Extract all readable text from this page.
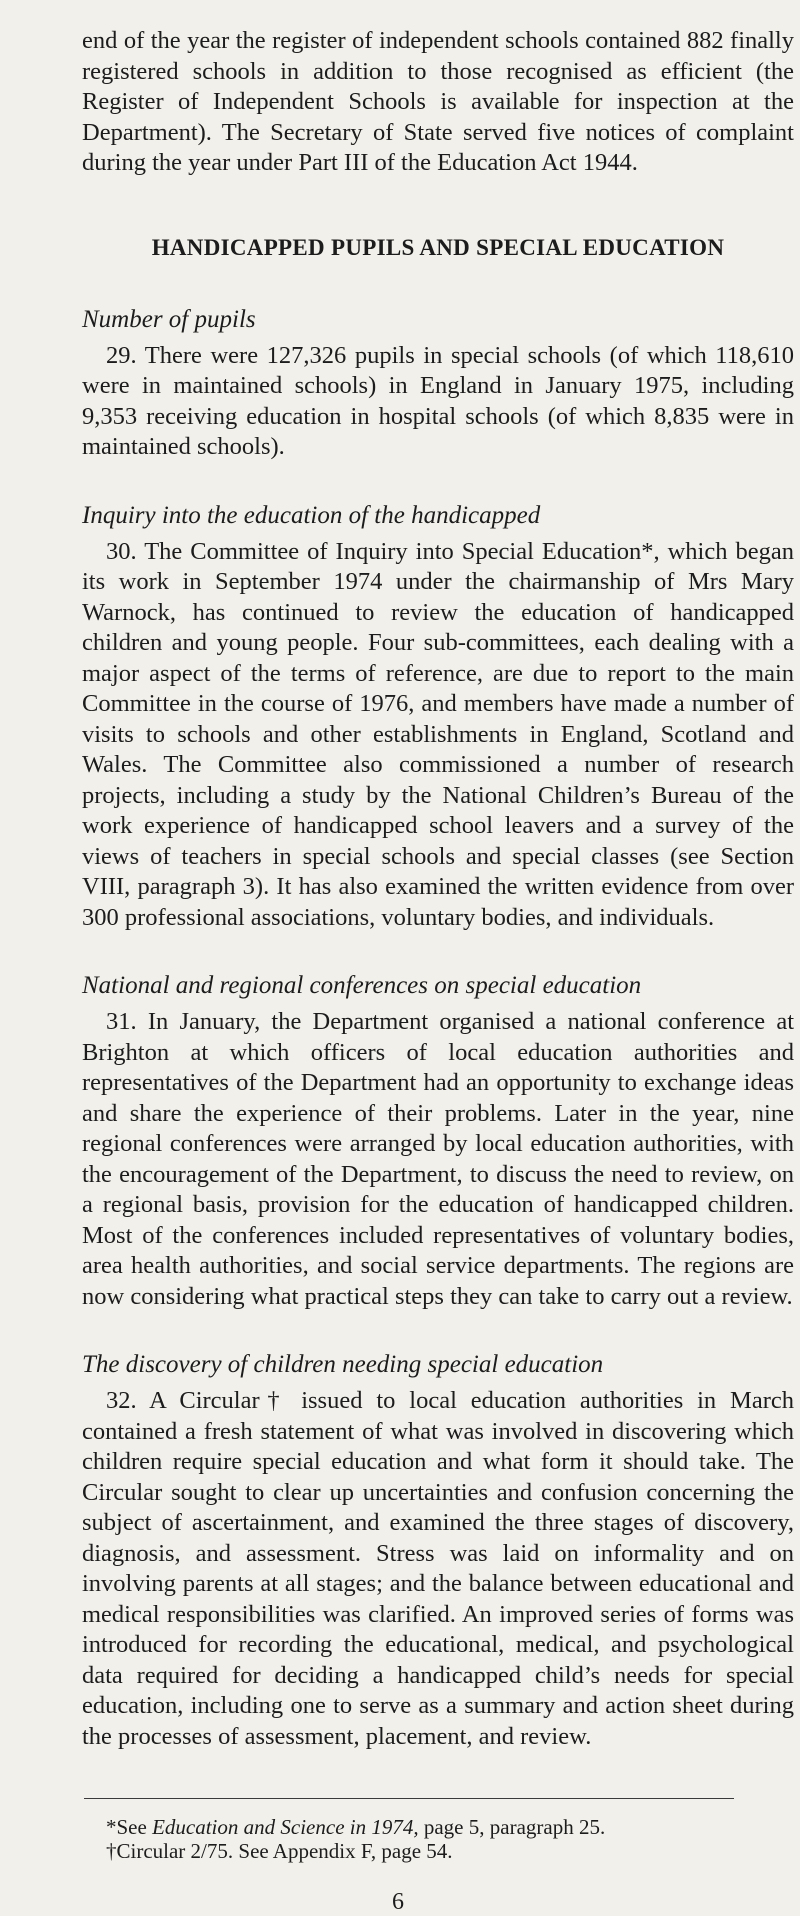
end of the year the register of independent schools contained 882 finally registered schools in addition to those recognised as efficient (the Register of Independent Schools is available for inspection at the Department). The Secretary of State served five notices of complaint during the year under Part III of the Education Act 1944.

HANDICAPPED PUPILS AND SPECIAL EDUCATION
Number of pupils

29. There were 127,326 pupils in special schools (of which 118,610 were in maintained schools) in England in January 1975, including 9,353 receiving education in hospital schools (of which 8,835 were in maintained schools).

Inquiry into the education of the handicapped

30. The Committee of Inquiry into Special Education*, which began its work in September 1974 under the chairmanship of Mrs Mary Warnock, has continued to review the education of handicapped children and young people. Four sub-committees, each dealing with a major aspect of the terms of reference, are due to report to the main Committee in the course of 1976, and members have made a number of visits to schools and other establishments in England, Scotland and Wales. The Committee also commissioned a number of research projects, including a study by the National Children’s Bureau of the work experience of handicapped school leavers and a survey of the views of teachers in special schools and special classes (see Section VIII, paragraph 3). It has also examined the written evidence from over 300 professional associations, voluntary bodies, and individuals.

National and regional conferences on special education

31. In January, the Department organised a national conference at Brighton at which officers of local education authorities and representatives of the Department had an opportunity to exchange ideas and share the experience of their problems. Later in the year, nine regional conferences were arranged by local education authorities, with the encouragement of the Department, to discuss the need to review, on a regional basis, provision for the education of handicapped children. Most of the conferences included representatives of voluntary bodies, area health authorities, and social service departments. The regions are now considering what practical steps they can take to carry out a review.

The discovery of children needing special education

32. A Circular† issued to local education authorities in March contained a fresh statement of what was involved in discovering which children require special education and what form it should take. The Circular sought to clear up uncertainties and confusion concerning the subject of ascertainment, and examined the three stages of discovery, diagnosis, and assessment. Stress was laid on informality and on involving parents at all stages; and the balance between educational and medical responsibilities was clarified. An improved series of forms was introduced for recording the educational, medical, and psychological data required for deciding a handicapped child’s needs for special education, including one to serve as a summary and action sheet during the processes of assessment, placement, and review.

*See Education and Science in 1974, page 5, paragraph 25.

†Circular 2/75. See Appendix F, page 54.

6
